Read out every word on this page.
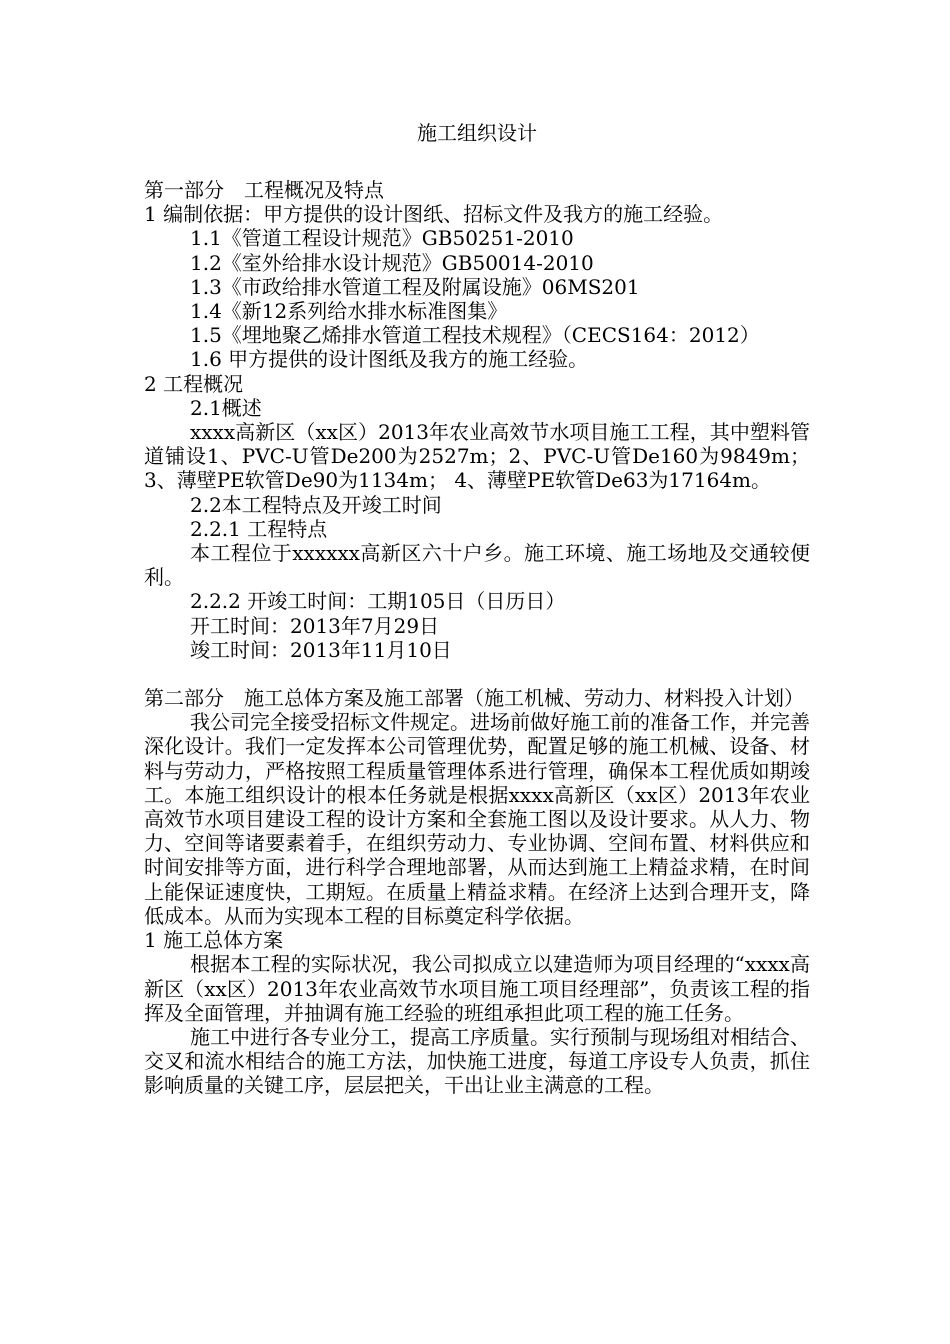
施工组织设计

第一部分　工程概况及特点

1 编制依据：甲方提供的设计图纸、招标文件及我方的施工经验。

1.1《管道工程设计规范》GB50251-2010

1.2《室外给排水设计规范》GB50014-2010

1.3《市政给排水管道工程及附属设施》06MS201

1.4《新12系列给水排水标准图集》

1.5《埋地聚乙烯排水管道工程技术规程》（CECS164：2012）

1.6 甲方提供的设计图纸及我方的施工经验。

2 工程概况

2.1概述

xxxx高新区（xx区）2013年农业高效节水项目施工工程，其中塑料管道铺设1、PVC-U管De200为2527m；2、PVC-U管De160为9849m；3、薄壁PE软管De90为1134m； 4、薄壁PE软管De63为17164m。

2.2本工程特点及开竣工时间

2.2.1 工程特点

本工程位于xxxxxx高新区六十户乡。施工环境、施工场地及交通较便利。

2.2.2 开竣工时间：工期105日（日历日）

开工时间：2013年7月29日

竣工时间：2013年11月10日

第二部分　施工总体方案及施工部署（施工机械、劳动力、材料投入计划）

我公司完全接受招标文件规定。进场前做好施工前的准备工作，并完善深化设计。我们一定发挥本公司管理优势，配置足够的施工机械、设备、材料与劳动力，严格按照工程质量管理体系进行管理，确保本工程优质如期竣工。本施工组织设计的根本任务就是根据xxxx高新区（xx区）2013年农业高效节水项目建设工程的设计方案和全套施工图以及设计要求。从人力、物力、空间等诸要素着手，在组织劳动力、专业协调、空间布置、材料供应和时间安排等方面，进行科学合理地部署，从而达到施工上精益求精，在时间上能保证速度快，工期短。在质量上精益求精。在经济上达到合理开支，降低成本。从而为实现本工程的目标奠定科学依据。

1 施工总体方案

根据本工程的实际状况，我公司拟成立以建造师为项目经理的“xxxx高新区（xx区）2013年农业高效节水项目施工项目经理部”，负责该工程的指挥及全面管理，并抽调有施工经验的班组承担此项工程的施工任务。

施工中进行各专业分工，提高工序质量。实行预制与现场组对相结合、交叉和流水相结合的施工方法，加快施工进度，每道工序设专人负责，抓住影响质量的关键工序，层层把关，干出让业主满意的工程。
